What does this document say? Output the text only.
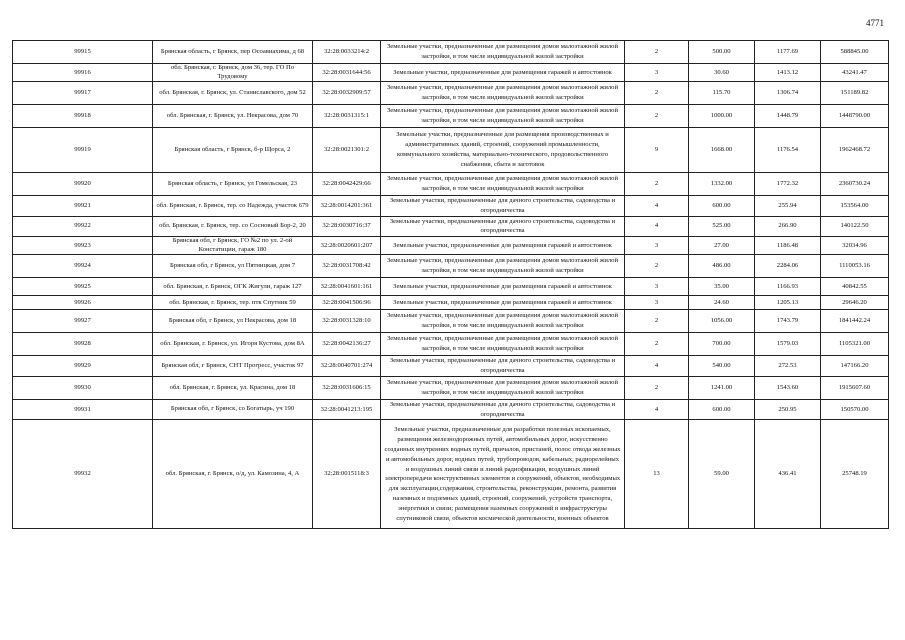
4771
99915	Брянская область, г Брянск, пер Осоавиахима, д 68	32:28:0033214:2	Земельные участки, предназначенные для размещения домов малоэтажной жилой застройки, в том числе индивидуальной жилой застройки	2	500.00	1177.69	588845.00
99916	обл. Брянская, г. Брянск, дом 36, тер. ГО По Трудовому	32:28:0031644:56	Земельные участки, предназначенные для размещения гаражей и автостоянок	3	30.60	1413.12	43241.47
99917	обл. Брянская, г. Брянск, ул. Станиславского, дом 52	32:28:0032909:57	Земельные участки, предназначенные для размещения домов малоэтажной жилой застройки, в том числе индивидуальной жилой застройки	2	115.70	1306.74	151189.82
99918	обл. Брянская, г. Брянск, ул. Некрасова, дом 70	32:28:0031315:1	Земельные участки, предназначенные для размещения домов малоэтажной жилой застройки, в том числе индивидуальной жилой застройки	2	1000.00	1448.79	1448790.00
99919	Брянская область, г Брянск, б-р Щорса, 2	32:28:0021301:2	Земельные участки, предназначенные для размещения производственных и административных зданий, строений, сооружений промышленности, коммунального хозяйства, материально-технического, продовольственного снабжения, сбыта и заготовок	9	1668.00	1176.54	1962468.72
99920	Брянская область, г Брянск, ул Гомельская, 23	32:28:0042429:66	Земельные участки, предназначенные для размещения домов малоэтажной жилой застройки, в том числе индивидуальной жилой застройки	2	1332.00	1772.32	2360730.24
99921	обл. Брянская, г. Брянск, тер. со Надежда, участок 679	32:28:0014201:361	Земельные участки, предназначенные для дачного строительства, садоводства и огородничества	4	600.00	255.94	153564.00
99922	обл. Брянская, г. Брянск, тер. со Сосновый Бор-2, 20	32:28:0030716:37	Земельные участки, предназначенные для дачного строительства, садоводства и огородничества	4	525.00	266.90	140122.50
99923	Брянская обл, г Брянск, ГО №2 по ул. 2-ой Констатиции, гараж 180	32:28:0020601:207	Земельные участки, предназначенные для размещения гаражей и автостоянок	3	27.00	1186.48	32034.96
99924	Брянская обл, г Брянск, ул Пятницкая, дом 7	32:28:0031708:42	Земельные участки, предназначенные для размещения домов малоэтажной жилой застройки, в том числе индивидуальной жилой застройки	2	486.00	2284.06	1110053.16
99925	обл. Брянская, г. Брянск, ОГК Жигули, гараж 127	32:28:0041601:161	Земельные участки, предназначенные для размещения гаражей и автостоянок	3	35.00	1166.93	40842.55
99926	обл. Брянская, г. Брянск, тер. птк Спутник 59	32:28:0041506:96	Земельные участки, предназначенные для размещения гаражей и автостоянок	3	24.60	1205.13	29646.20
99927	Брянская обл, г Брянск, ул Некрасова, дом 18	32:28:0031328:10	Земельные участки, предназначенные для размещения домов малоэтажной жилой застройки, в том числе индивидуальной жилой застройки	2	1056.00	1743.79	1841442.24
99928	обл. Брянская, г. Брянск, ул. Игоря Кустова, дом 8А	32:28:0042136:27	Земельные участки, предназначенные для размещения домов малоэтажной жилой застройки, в том числе индивидуальной жилой застройки	2	700.00	1579.03	1105321.00
99929	Брянская обл, г Брянск, СНТ Прогресс, участок 97	32:28:0040701:274	Земельные участки, предназначенные для дачного строительства, садоводства и огородничества	4	540.00	272.53	147166.20
99930	обл. Брянская, г. Брянск, ул. Красина, дом 18	32:28:0031606:15	Земельные участки, предназначенные для размещения домов малоэтажной жилой застройки, в том числе индивидуальной жилой застройки	2	1241.00	1543.60	1915607.60
99931	Брянская обл, г Брянск, со Богатырь, уч 190	32:28:0041213:195	Земельные участки, предназначенные для дачного строительства, садоводства и огородничества	4	600.00	250.95	150570.00
99932	обл. Брянская, г. Брянск, о/д, ул. Камозина, 4, А	32:28:0015118:3	Земельные участки, предназначенные для разработки полезных ископаемых, размещения железнодорожных путей, автомобильных дорог, искусственно созданных внутренних водных путей, причалов, пристаней, полос отвода железных и автомобильных дорог, водных путей, трубопроводов, кабельных, радиорелейных и воздушных линий связи и линий радиофикации, воздушных линий электропередачи конструктивных элементов и сооружений, объектов, необходимых для эксплуатации,содержания, строительства, реконструкции, ремонта, развития наземных и подземных зданий, строений, сооружений, устройств транспорта, энергетики и связи; размещения наземных сооружений и инфраструктуры спутниковой связи, объектов космической деятельности, военных объектов	13	59.00	436.41	25748.19
